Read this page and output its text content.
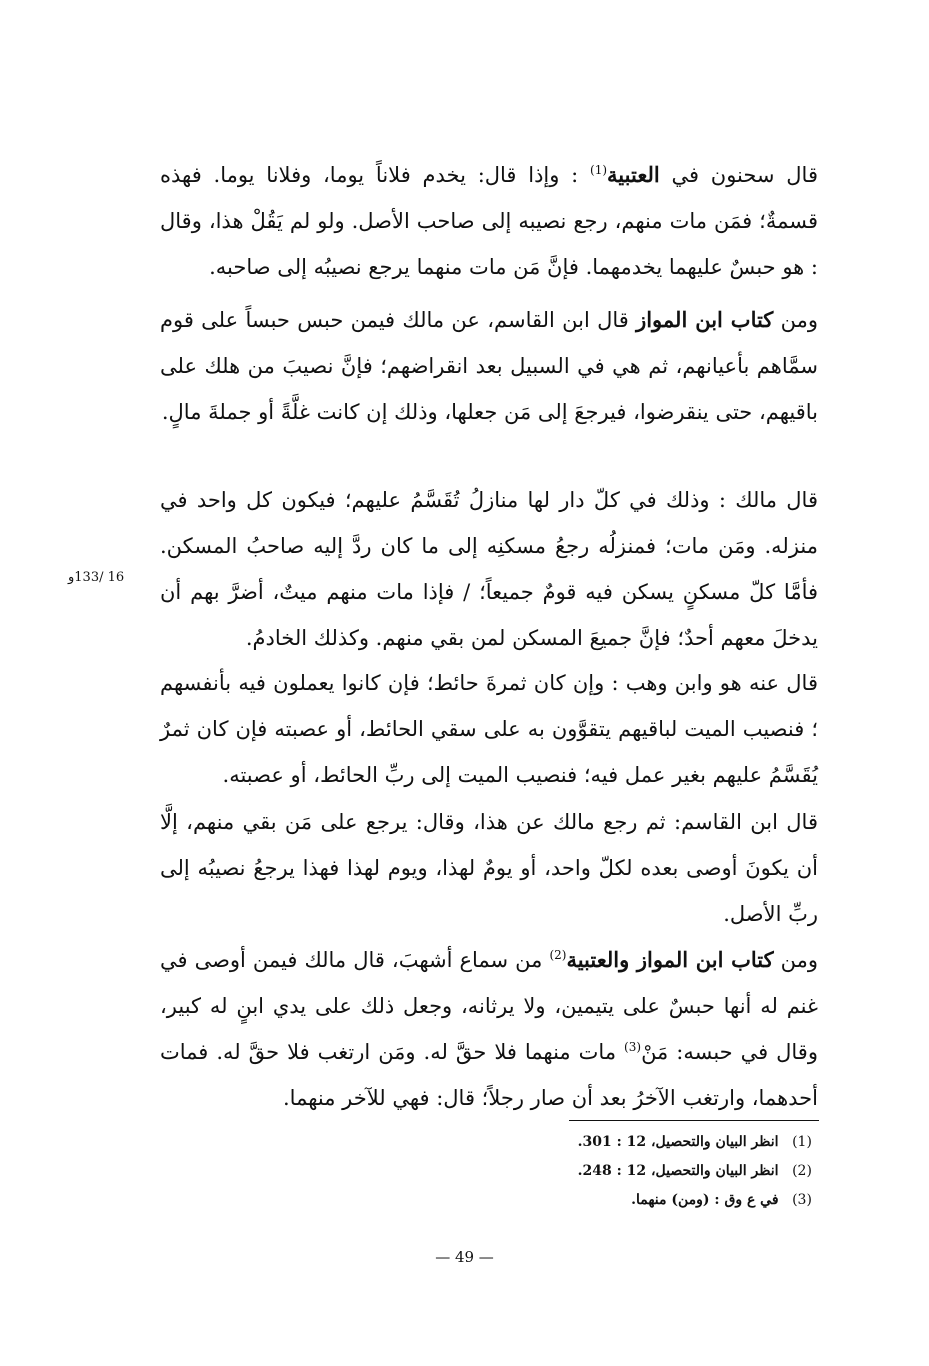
قال سحنون في العتبية$^{(1)}$ : وإذا قال: يخدم فلاناً يوما، وفلانا يوما. فهذه قسمةٌ؛ فمَن مات منهم، رجع نصيبه إلى صاحب الأصل. ولو لم يَقُلْ هذا، وقال : هو حبسٌ عليهما يخدمهما. فإنَّ مَن مات منهما يرجع نصيبُه إلى صاحبه.

ومن كتاب ابن المواز قال ابن القاسم، عن مالك فيمن حبس حبساً على قوم سمَّاهم بأعيانهم، ثم هي في السبيل بعد انقراضهم؛ فإنَّ نصيبَ من هلك على باقيهم، حتى ينقرضوا، فيرجعَ إلى مَن جعلها، وذلك إن كانت غلَّةً أو جملةَ مالٍ.

قال مالك : وذلك في كلّ دار لها منازلُ تُقَسَّمُ عليهم؛ فيكون كل واحد في منزله. ومَن مات؛ فمنزلُه رجعُ مسكنِه إلى ما كان ردَّ إليه صاحبُ المسكن. فأمَّا كلّ مسكنٍ يسكن فيه قومٌ جميعاً؛ / فإذا مات منهم ميتٌ، أضرَّ بهم أن يدخلَ معهم أحدٌ؛ فإنَّ جميعَ المسكن لمن بقي منهم. وكذلك الخادمُ.

16 /133و

قال عنه هو وابن وهب : وإن كان ثمرةَ حائط؛ فإن كانوا يعملون فيه بأنفسهم ؛ فنصيب الميت لباقيهم يتقوَّون به على سقي الحائط، أو عصبته فإن كان ثمرٌ يُقَسَّمُ عليهم بغير عمل فيه؛ فنصيب الميت إلى ربِّ الحائط، أو عصبته.

قال ابن القاسم: ثم رجع مالك عن هذا، وقال: يرجع على مَن بقي منهم، إلَّا أن يكونَ أوصى بعده لكلّ واحد، أو يومٌ لهذا، ويوم لهذا فهذا يرجعُ نصيبُه إلى ربِّ الأصل.

ومن كتاب ابن المواز والعتبية$^{(2)}$ من سماع أشهبَ، قال مالك فيمن أوصى في غنم له أنها حبسٌ على يتيمين، ولا يرثانه، وجعل ذلك على يدي ابنٍ له كبير، وقال في حبسه: مَنْ$^{(3)}$ مات منهما فلا حقَّ له. ومَن ارتغب فلا حقَّ له. فمات أحدهما، وارتغب الآخرُ بعد أن صار رجلاً؛ قال: فهي للآخر منهما.

(1) انظر البيان والتحصيل، 12 : 301.
(2) انظر البيان والتحصيل، 12 : 248.
(3) في ع وق : (ومن) منهما.
— 49 —
